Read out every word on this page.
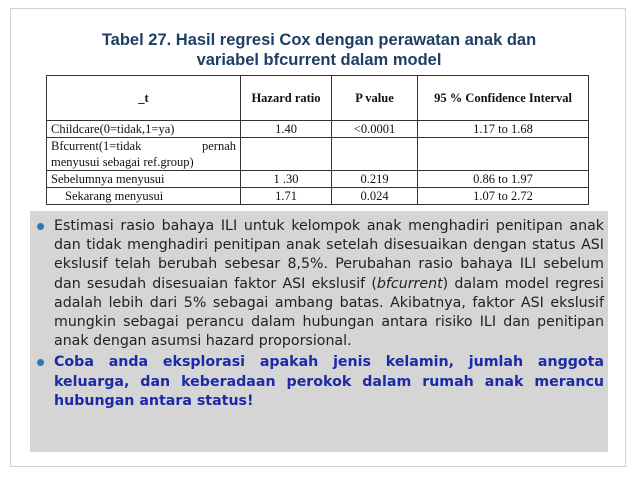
Tabel 27. Hasil regresi Cox dengan perawatan anak dan
variabel bfcurrent dalam model
_t	Hazard ratio	P value	95 % Confidence Interval
Childcare(0=tidak,1=ya)	1.40	<0.0001	1.17 to 1.68

Bfcurrent(1=tidak pernah
menyusui sebagai ref.group)			

Sebelumnya menyusui	1 .30	0.219	0.86 to 1.97
Sekarang menyusui	1.71	0.024	1.07 to 2.72
Estimasi rasio bahaya ILI untuk kelompok anak menghadiri penitipan anak dan tidak menghadiri penitipan anak setelah disesuaikan dengan status ASI ekslusif telah berubah sebesar 8,5%. Perubahan rasio bahaya ILI sebelum dan sesudah disesuaian faktor ASI ekslusif (bfcurrent) dalam model regresi adalah lebih dari 5% sebagai ambang batas. Akibatnya, faktor ASI ekslusif mungkin sebagai perancu dalam hubungan antara risiko ILI dan penitipan anak dengan asumsi hazard proporsional.
Coba anda eksplorasi apakah jenis kelamin, jumlah anggota keluarga, dan keberadaan perokok dalam rumah anak merancu hubungan antara status!
